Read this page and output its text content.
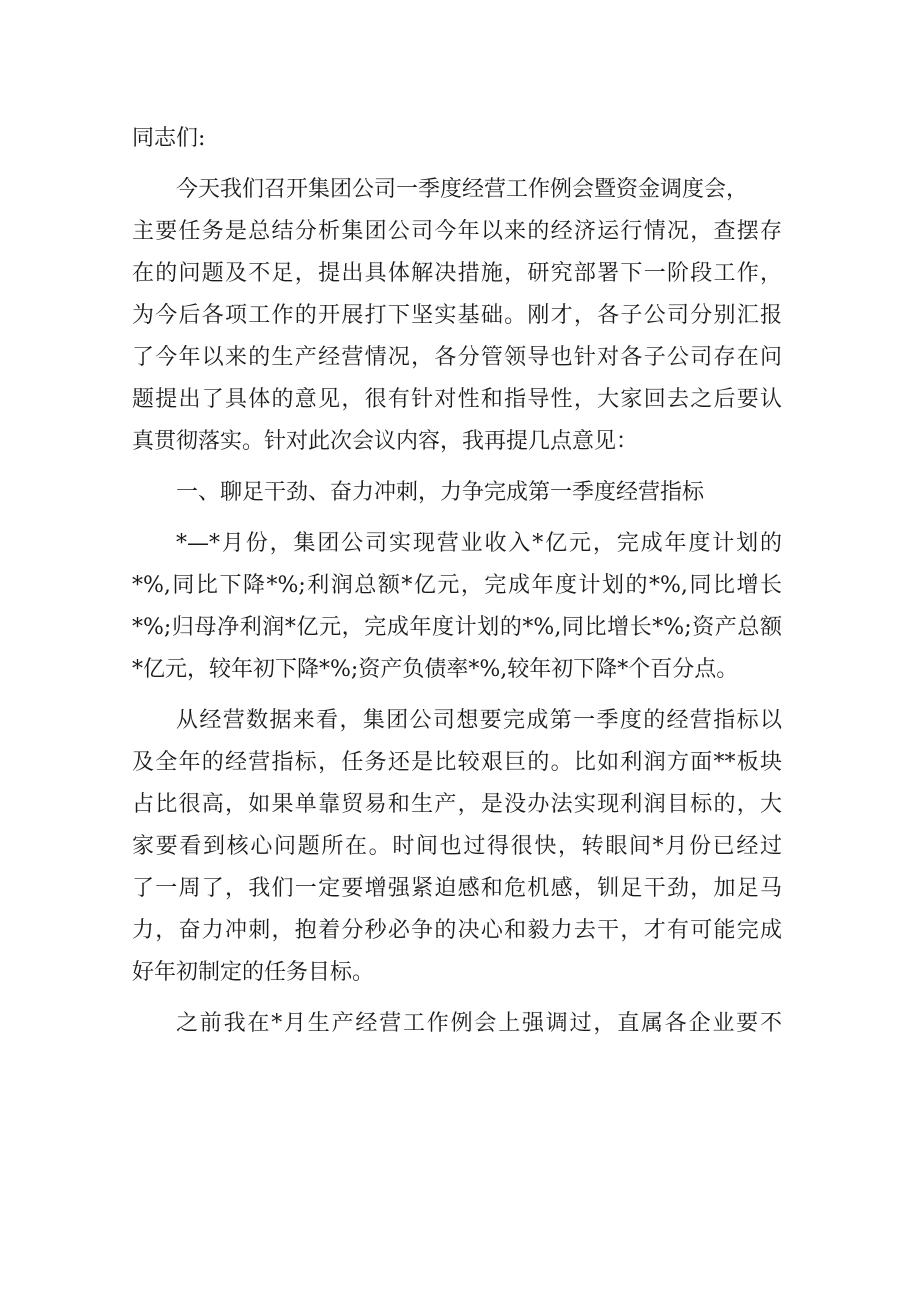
同志们:
今天我们召开集团公司一季度经营工作例会暨资金调度会，
主要任务是总结分析集团公司今年以来的经济运行情况，查摆存
在的问题及不足，提出具体解决措施，研究部署下一阶段工作，
为今后各项工作的开展打下坚实基础。刚才，各子公司分别汇报
了今年以来的生产经营情况，各分管领导也针对各子公司存在问
题提出了具体的意见，很有针对性和指导性，大家回去之后要认
真贯彻落实。针对此次会议内容，我再提几点意见：
一、聊足干劲、奋力冲刺，力争完成第一季度经营指标
*—*月份，集团公司实现营业收入*亿元，完成年度计划的
*%,同比下降*%;利润总额*亿元，完成年度计划的*%,同比增长
*%;归母净利润*亿元，完成年度计划的*%,同比增长*%;资产总额
*亿元，较年初下降*%;资产负债率*%,较年初下降*个百分点。
从经营数据来看，集团公司想要完成第一季度的经营指标以
及全年的经营指标，任务还是比较艰巨的。比如利润方面**板块
占比很高，如果单靠贸易和生产，是没办法实现利润目标的，大
家要看到核心问题所在。时间也过得很快，转眼间*月份已经过
了一周了，我们一定要增强紧迫感和危机感，钏足干劲，加足马
力，奋力冲刺，抱着分秒必争的决心和毅力去干，才有可能完成
好年初制定的任务目标。
之前我在*月生产经营工作例会上强调过，直属各企业要不
